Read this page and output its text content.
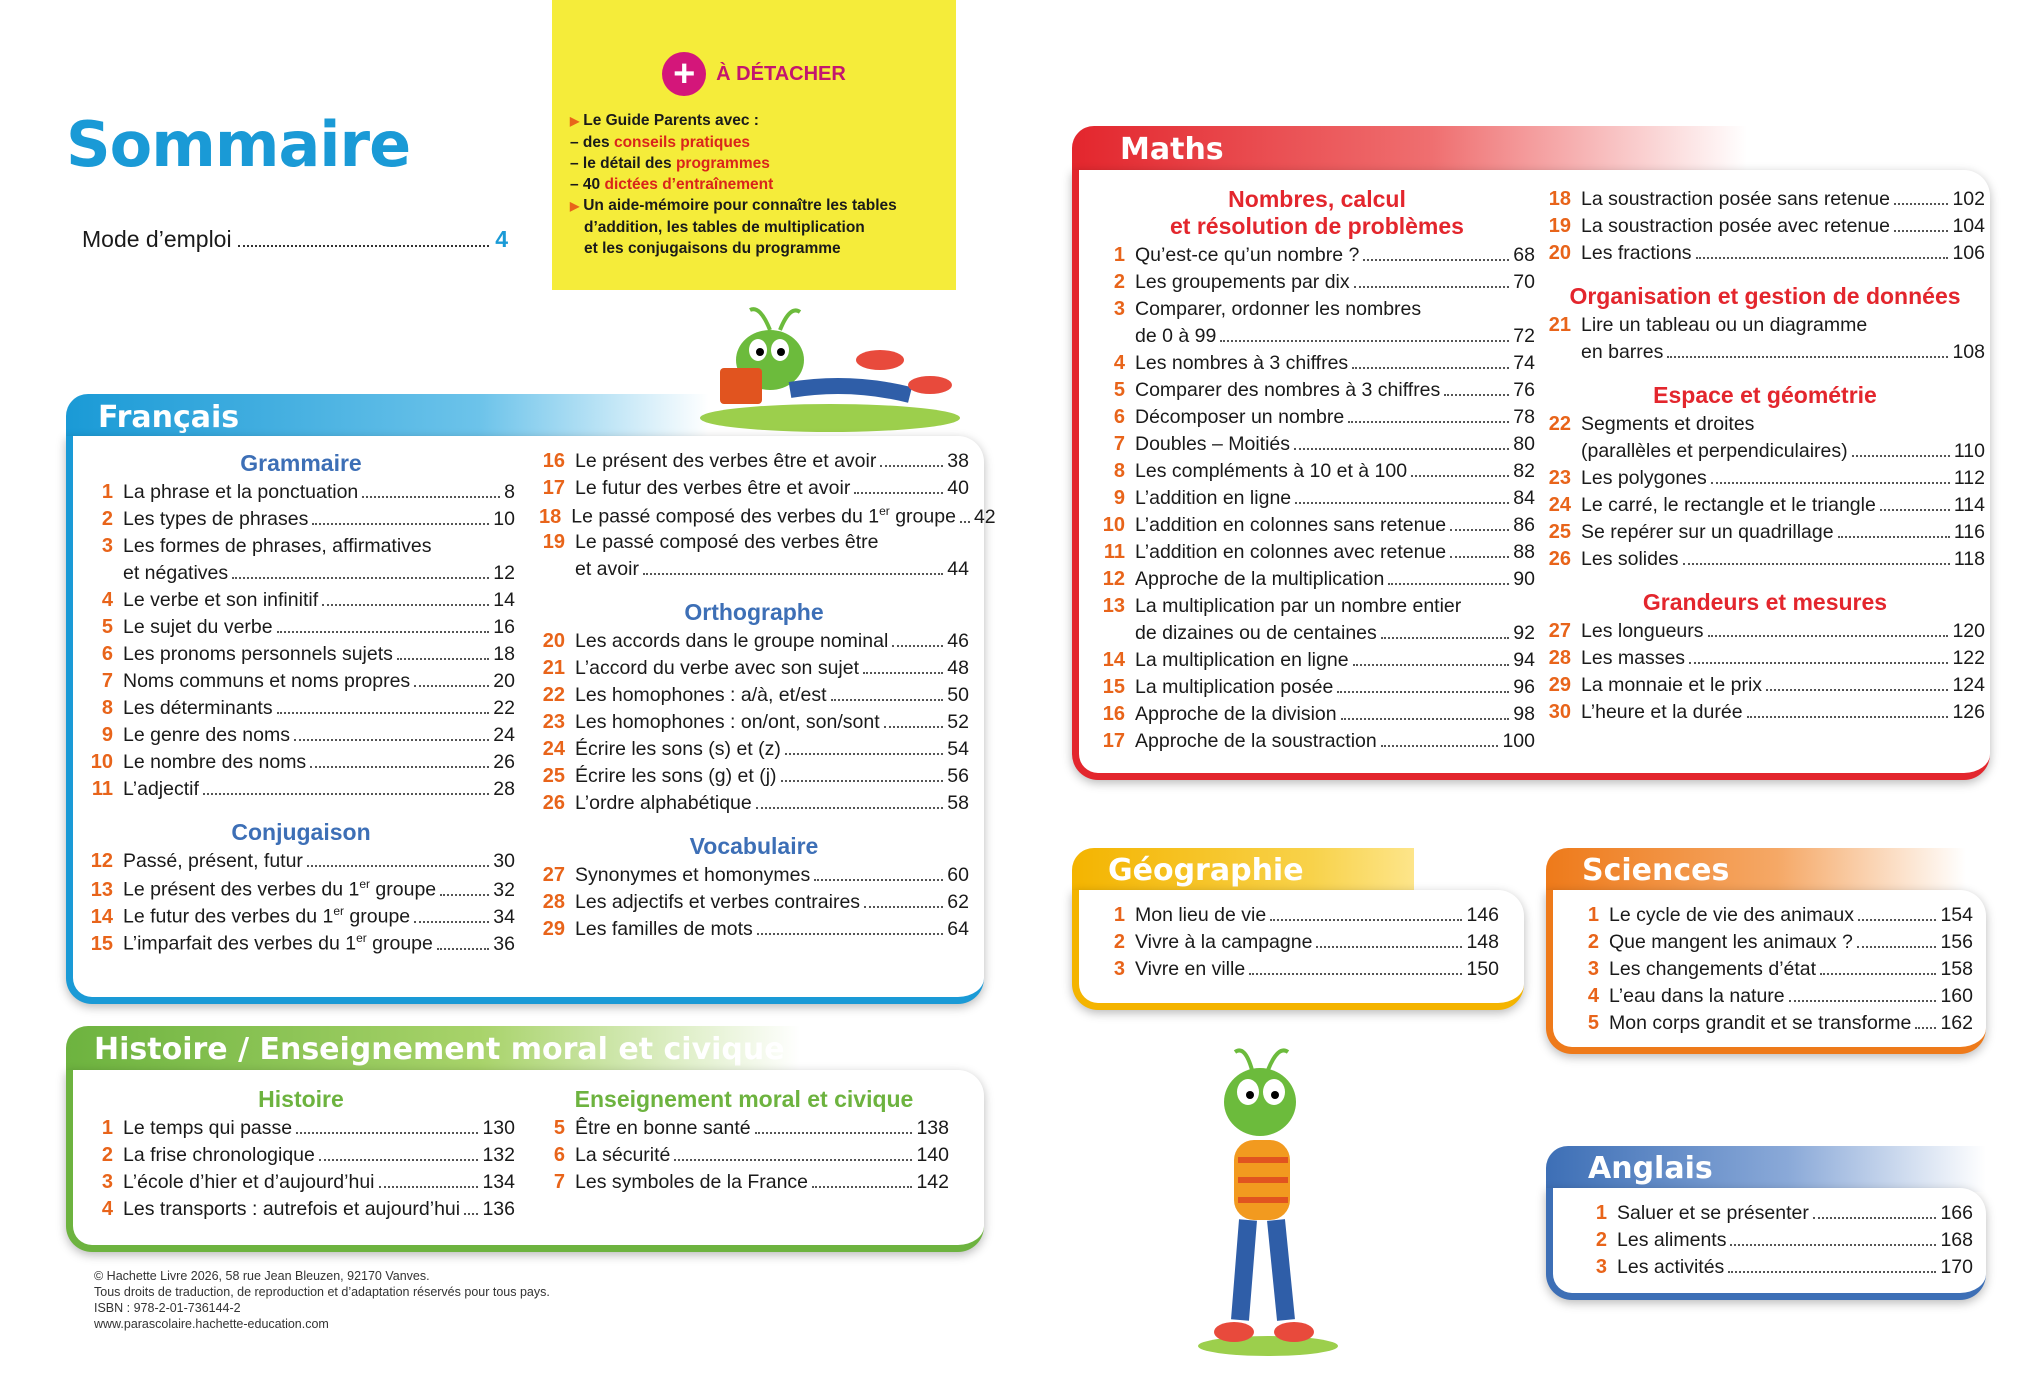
Sommaire
Mode d’emploi	4
+	À DÉTACHER
▶ Le Guide Parents avec :
– des conseils pratiques
– le détail des programmes
– 40 dictées d’entraînement
▶ Un aide-mémoire pour connaître les tables
d’addition, les tables de multiplication
et les conjugaisons du programme
Français
Grammaire
1 La phrase et la ponctuation	8
2 Les types de phrases	10
3 Les formes de phrases, affirmatives
et négatives	12
4 Le verbe et son infinitif	14
5 Le sujet du verbe	16
6 Les pronoms personnels sujets	18
7 Noms communs et noms propres	20
8 Les déterminants	22
9 Le genre des noms	24
10 Le nombre des noms	26
11 L’adjectif	28
Conjugaison
12 Passé, présent, futur	30
13 Le présent des verbes du 1er groupe	32
14 Le futur des verbes du 1er groupe	34
15 L’imparfait des verbes du 1er groupe	36
16 Le présent des verbes être et avoir	38
17 Le futur des verbes être et avoir	40
18 Le passé composé des verbes du 1er groupe 42
19 Le passé composé des verbes être
et avoir	44
Orthographe
20 Les accords dans le groupe nominal	46
21 L’accord du verbe avec son sujet	48
22 Les homophones : a/à, et/est	50
23 Les homophones : on/ont, son/sont	52
24 Écrire les sons (s) et (z)	54
25 Écrire les sons (g) et (j)	56
26 L’ordre alphabétique	58
Vocabulaire
27 Synonymes et homonymes	60
28 Les adjectifs et verbes contraires	62
29 Les familles de mots	64
Histoire / Enseignement moral et civique
Histoire
1 Le temps qui passe	130
2 La frise chronologique	132
3 L’école d’hier et d’aujourd’hui	134
4 Les transports : autrefois et aujourd’hui 136
Enseignement moral et civique
5 Être en bonne santé	138
6 La sécurité	140
7 Les symboles de la France	142
Maths
Nombres, calcul
et résolution de problèmes
1 Qu’est-ce qu’un nombre ?	68
2 Les groupements par dix	70
3 Comparer, ordonner les nombres
de 0 à 99	72
4 Les nombres à 3 chiffres	74
5 Comparer des nombres à 3 chiffres	76
6 Décomposer un nombre	78
7 Doubles – Moitiés	80
8 Les compléments à 10 et à 100	82
9 L’addition en ligne	84
10 L’addition en colonnes sans retenue	86
11 L’addition en colonnes avec retenue	88
12 Approche de la multiplication	90
13 La multiplication par un nombre entier
de dizaines ou de centaines	92
14 La multiplication en ligne	94
15 La multiplication posée	96
16 Approche de la division	98
17 Approche de la soustraction	100
18 La soustraction posée sans retenue	102
19 La soustraction posée avec retenue	104
20 Les fractions	106
Organisation et gestion de données
21 Lire un tableau ou un diagramme
en barres	108
Espace et géométrie
22 Segments et droites
(parallèles et perpendiculaires)	110
23 Les polygones	112
24 Le carré, le rectangle et le triangle	114
25 Se repérer sur un quadrillage	116
26 Les solides	118
Grandeurs et mesures
27 Les longueurs	120
28 Les masses	122
29 La monnaie et le prix	124
30 L’heure et la durée	126
Géographie
1 Mon lieu de vie	146
2 Vivre à la campagne	148
3 Vivre en ville	150
Sciences
1 Le cycle de vie des animaux	154
2 Que mangent les animaux ?	156
3 Les changements d’état	158
4 L’eau dans la nature	160
5 Mon corps grandit et se transforme 162
Anglais
1 Saluer et se présenter	166
2 Les aliments	168
3 Les activités	170
© Hachette Livre 2026, 58 rue Jean Bleuzen, 92170 Vanves.
Tous droits de traduction, de reproduction et d’adaptation réservés pour tous pays.
ISBN : 978-2-01-736144-2
www.parascolaire.hachette-education.com
